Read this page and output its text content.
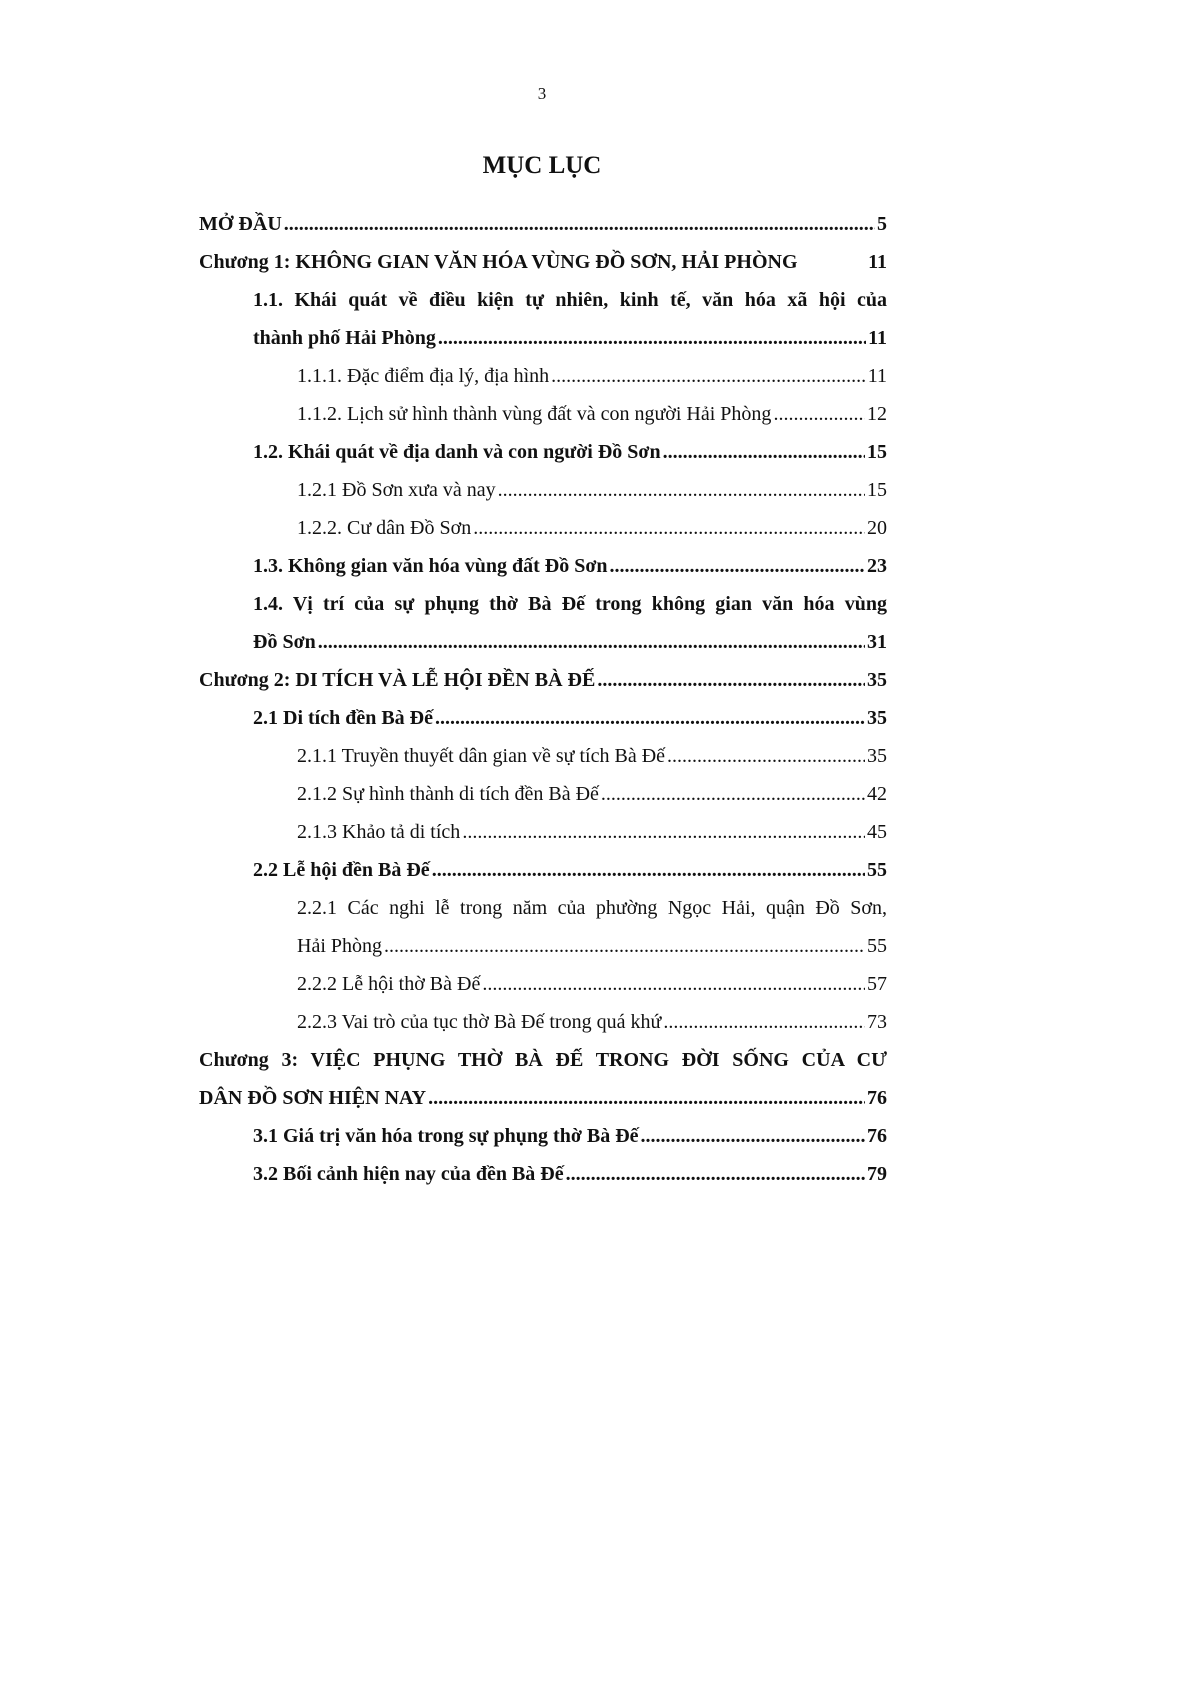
3
MỤC LỤC
MỞ ĐẦU .....	5
Chương 1: KHÔNG GIAN VĂN HÓA VÙNG ĐỒ SƠN, HẢI PHÒNG	11
1.1. Khái quát về điều kiện tự nhiên, kinh tế, văn hóa xã hội của
thành phố Hải Phòng .....	11
1.1.1. Đặc điểm địa lý, địa hình .....	11
1.1.2. Lịch sử hình thành vùng đất và con người Hải Phòng .....	12
1.2. Khái quát về địa danh và con người Đồ Sơn .....	15
1.2.1 Đồ Sơn xưa và nay .....	15
1.2.2. Cư dân Đồ Sơn .....	20
1.3. Không gian văn hóa vùng đất Đồ Sơn .....	23
1.4. Vị trí của sự phụng thờ Bà Đế trong không gian văn hóa vùng
Đồ Sơn .....	31
Chương 2: DI TÍCH VÀ LỄ HỘI ĐỀN BÀ ĐẾ .....	35
2.1 Di tích đền Bà Đế .....	35
2.1.1 Truyền thuyết dân gian về sự tích Bà Đế .....	35
2.1.2 Sự hình thành di tích đền Bà Đế .....	42
2.1.3 Khảo tả di tích .....	45
2.2 Lễ hội đền Bà Đế .....	55
2.2.1 Các nghi lễ trong năm của phường Ngọc Hải, quận Đồ Sơn,
Hải Phòng .....	55
2.2.2 Lễ hội thờ Bà Đế .....	57
2.2.3 Vai trò của tục thờ Bà Đế trong quá khứ .....	73
Chương 3: VIỆC PHỤNG THỜ BÀ ĐẾ TRONG ĐỜI SỐNG CỦA CƯ
DÂN ĐỒ SƠN HIỆN NAY .....	76
3.1 Giá trị văn hóa trong sự phụng thờ Bà Đế .....	76
3.2 Bối cảnh hiện nay của đền Bà Đế .....	79
